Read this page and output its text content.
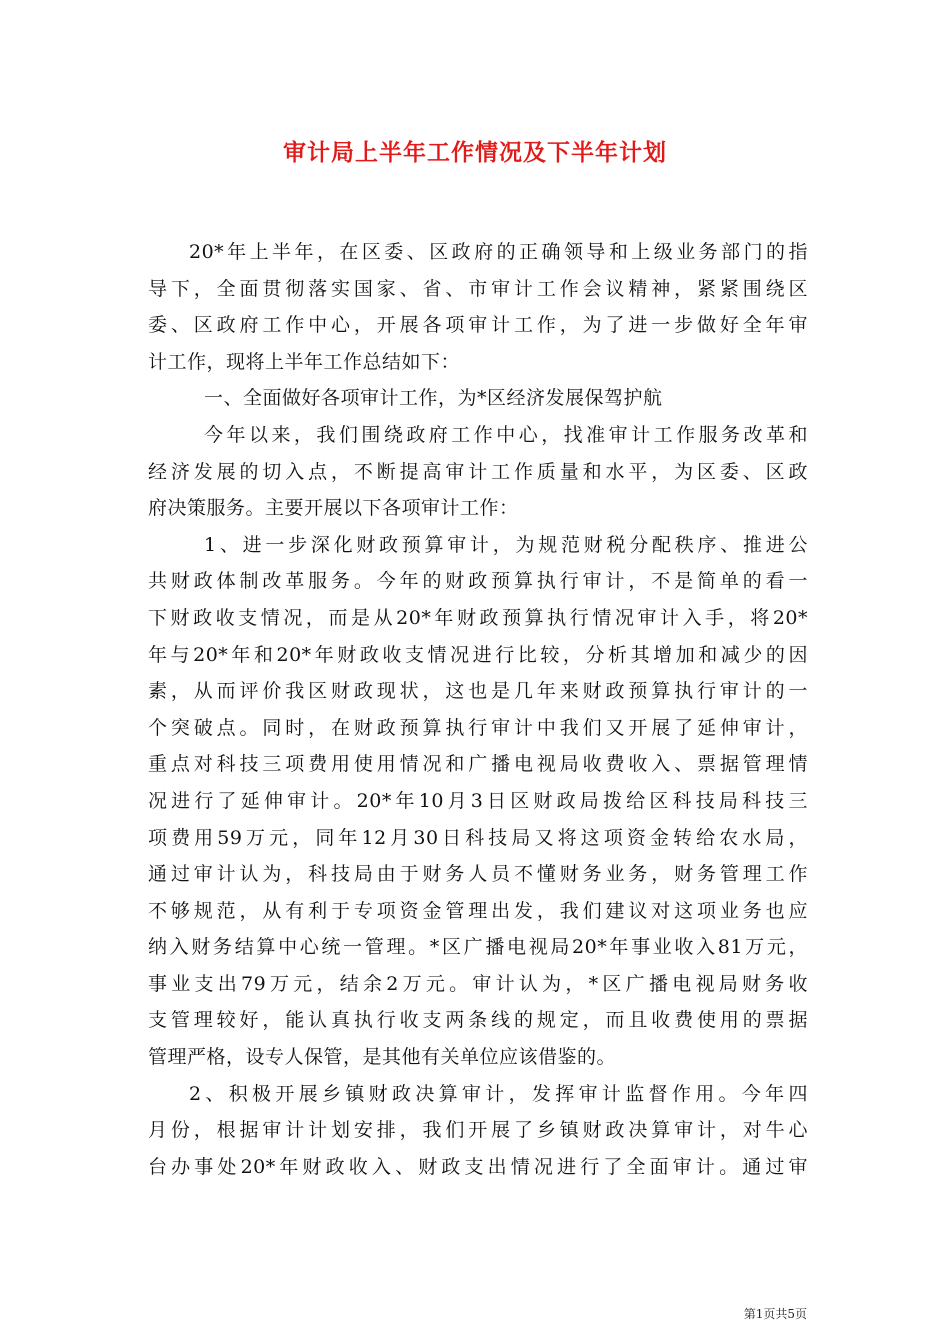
审计局上半年工作情况及下半年计划
20*年上半年，在区委、区政府的正确领导和上级业务部门的指
导下，全面贯彻落实国家、省、市审计工作会议精神，紧紧围绕区
委、区政府工作中心，开展各项审计工作，为了进一步做好全年审
计工作，现将上半年工作总结如下：
一、全面做好各项审计工作，为*区经济发展保驾护航
今年以来，我们围绕政府工作中心，找准审计工作服务改革和
经济发展的切入点，不断提高审计工作质量和水平，为区委、区政
府决策服务。主要开展以下各项审计工作：
1、进一步深化财政预算审计，为规范财税分配秩序、推进公
共财政体制改革服务。今年的财政预算执行审计，不是简单的看一
下财政收支情况，而是从20*年财政预算执行情况审计入手，将20*
年与20*年和20*年财政收支情况进行比较，分析其增加和减少的因
素，从而评价我区财政现状，这也是几年来财政预算执行审计的一
个突破点。同时，在财政预算执行审计中我们又开展了延伸审计，
重点对科技三项费用使用情况和广播电视局收费收入、票据管理情
况进行了延伸审计。20*年10月3日区财政局拨给区科技局科技三
项费用59万元，同年12月30日科技局又将这项资金转给农水局，
通过审计认为，科技局由于财务人员不懂财务业务，财务管理工作
不够规范，从有利于专项资金管理出发，我们建议对这项业务也应
纳入财务结算中心统一管理。*区广播电视局20*年事业收入81万元，
事业支出79万元，结余2万元。审计认为，*区广播电视局财务收
支管理较好，能认真执行收支两条线的规定，而且收费使用的票据
管理严格，设专人保管，是其他有关单位应该借鉴的。
2、积极开展乡镇财政决算审计，发挥审计监督作用。今年四
月份，根据审计计划安排，我们开展了乡镇财政决算审计，对牛心
台办事处20*年财政收入、财政支出情况进行了全面审计。通过审
第1页共5页
